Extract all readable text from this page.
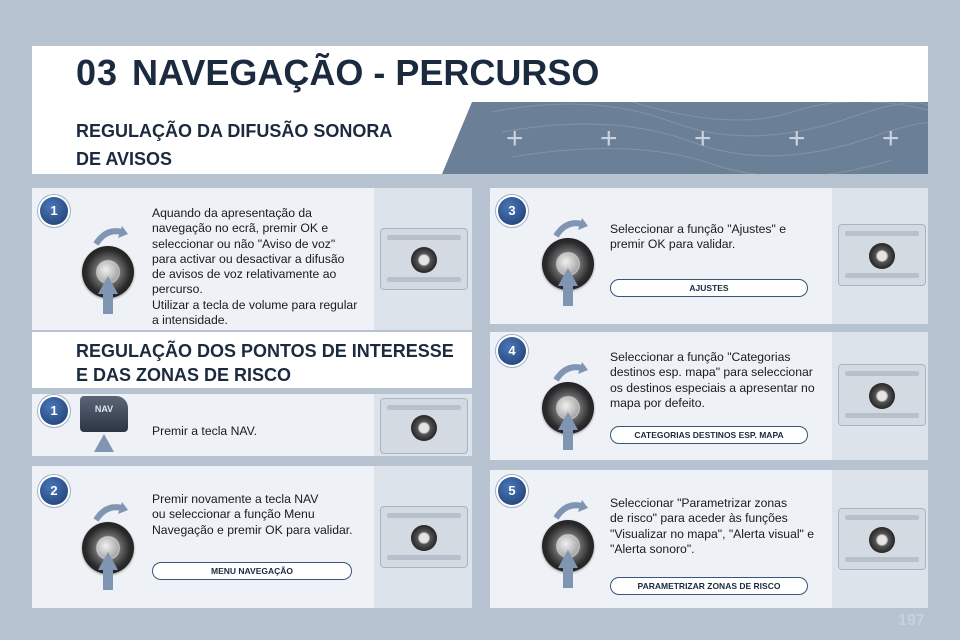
03 NAVEGAÇÃO - PERCURSO
+	+	+	+	+
REGULAÇÃO DA DIFUSÃO SONORA
DE AVISOS
1	Aquando da apresentação da
navegação no ecrã, premir OK e
seleccionar ou não "Aviso de voz"
para activar ou desactivar a difusão
de avisos de voz relativamente ao
percurso.
Utilizar a tecla de volume para regular
a intensidade.
REGULAÇÃO DOS PONTOS DE INTERESSE
E DAS ZONAS DE RISCO
1	NAV
Premir a tecla NAV.
2
Premir novamente a tecla NAV
ou seleccionar a função Menu
Navegação e premir OK para validar.
MENU NAVEGAÇÃO
3
Seleccionar a função "Ajustes" e
premir OK para validar.
AJUSTES
4	Seleccionar a função "Categorias
destinos esp. mapa" para seleccionar
os destinos especiais a apresentar no
mapa por defeito.
CATEGORIAS DESTINOS ESP. MAPA
5
Seleccionar "Parametrizar zonas
de risco" para aceder às funções
"Visualizar no mapa", "Alerta visual" e
"Alerta sonoro".
PARAMETRIZAR ZONAS DE RISCO
197
